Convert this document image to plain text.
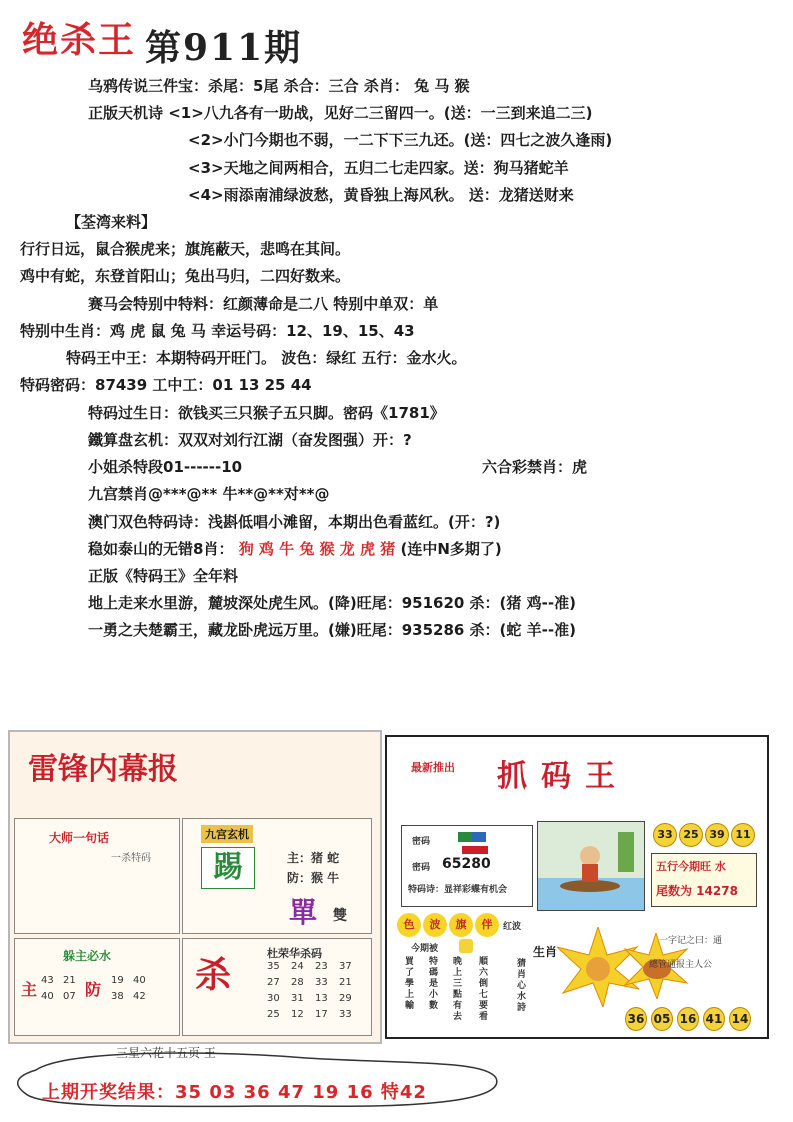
绝杀王 第911期
乌鸦传说三件宝：杀尾：5尾 杀合：三合 杀肖： 兔 马 猴
正版天机诗 <1>八九各有一助战，见好二三留四一。(送：一三到来追二三)
<2>小门今期也不弱，一二下下三九还。(送：四七之波久逢雨)
<3>天地之间两相合，五归二七走四家。送：狗马猪蛇羊
<4>雨添南浦绿波愁，黄昏独上海风秋。 送：龙猪送财来
【荃湾来料】
行行日远，鼠合猴虎来；旗旄蔽天，悲鸣在其间。
鸡中有蛇，东登首阳山；兔出马归，二四好数来。
赛马会特别中特料：红颜薄命是二八 特别中单双：单
特别中生肖：鸡 虎 鼠 兔 马 幸运号码：12、19、15、43
特码王中王：本期特码开旺门。 波色：绿红 五行：金水火。
特码密码：87439 工中工：01 13 25 44
特码过生日：欲钱买三只猴子五只脚。密码《1781》
鐵算盘玄机：双双对刘行江湖（奋发图强）开：?
小姐杀特段01------10	六合彩禁肖：虎
九宫禁肖@***@** 牛**@**对**@
澳门双色特码诗：浅斟低唱小滩留，本期出色看蓝红。(开：?)
稳如泰山的无错8肖： 狗 鸡 牛 兔 猴 龙 虎 猪 (连中N多期了)
正版《特码王》全年料
地上走来水里游，麓坡深处虎生风。(降)旺尾：951620 杀：(猪 鸡--准)
一勇之夫楚霸王，藏龙卧虎远万里。(嫌)旺尾：935286 杀：(蛇 羊--准)
雷锋内幕报
大师一句话
一杀特码
九宫玄机
踢	主：猪 蛇
防：猴 牛
單 雙
躲主必水
主	防
43 21	19 40
40 07	38 42
杀
杜荣华杀码
35 24 23 37
27 28 33 21
30 31 13 29
25 12 17 33
最新推出 抓码王
密码
密码 65280
特码诗：显祥彩蝶有机会
33 25 39 11
五行今期旺 水
尾数为 14278
色	波	旗	伴	红波
今期被	生肖
買了學上輸
特碼是小數
晚上三點有去
順六倒七要看
猜肖心水詩
一字记之曰：通
總管通报主人公
36 05 16 41 14
三星六花十五页 王
上期开奖结果：35 03 36 47 19 16 特42
